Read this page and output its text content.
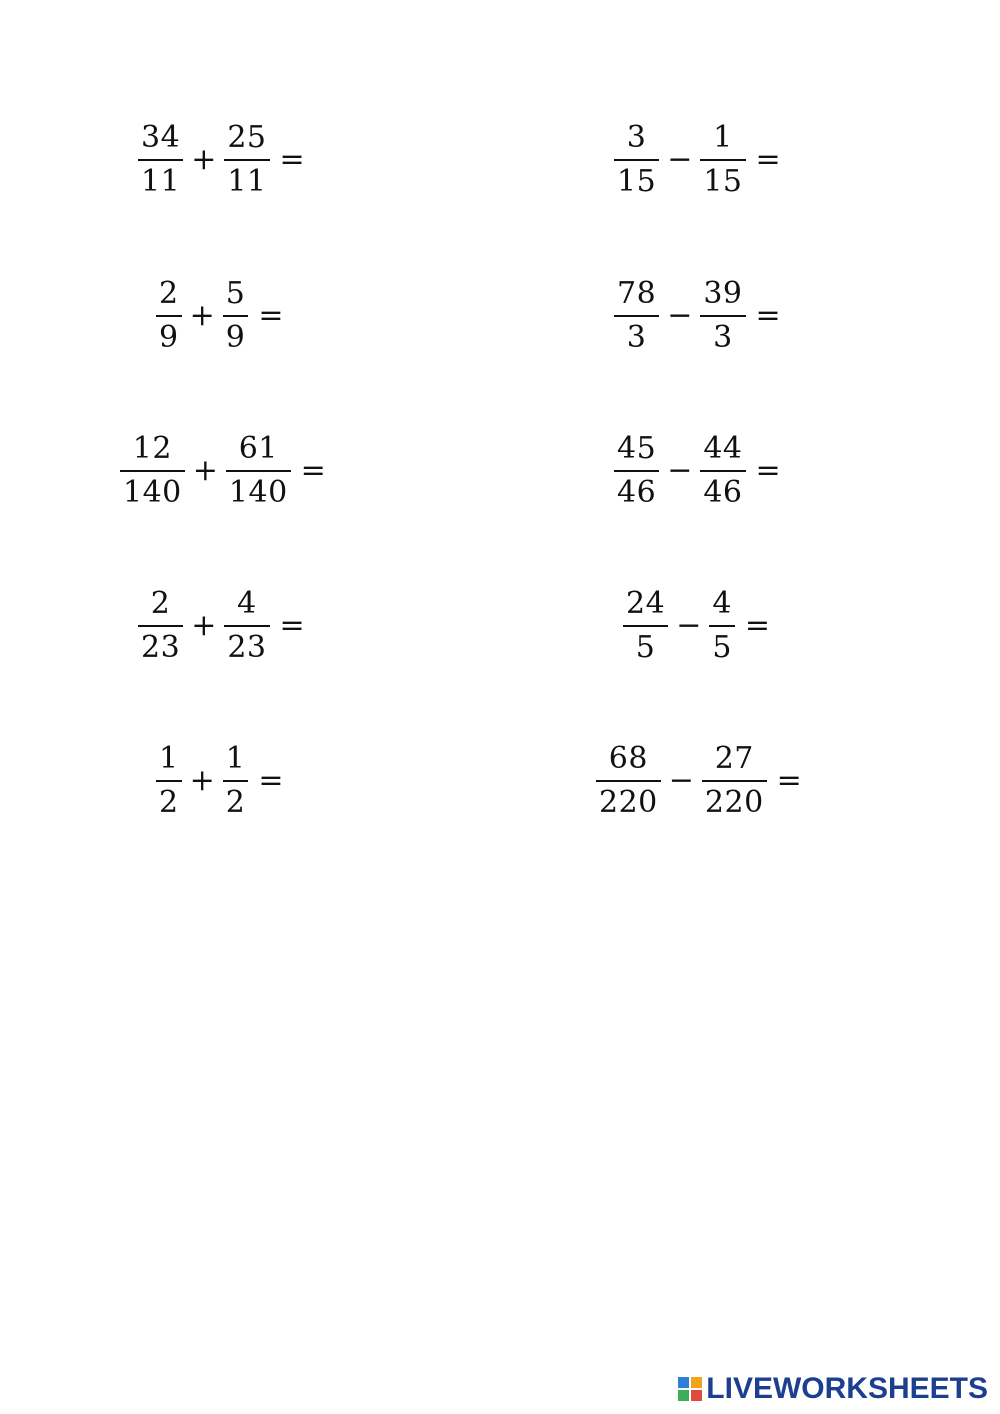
$\frac{34}{11} + \frac{25}{11}$ =
$\frac{2}{9} + \frac{5}{9}$ =
$\frac{12}{140} + \frac{61}{140}$ =
$\frac{2}{23} + \frac{4}{23}$ =
$\frac{1}{2} + \frac{1}{2}$ =
$\frac{3}{15} - \frac{1}{15}$ =
$\frac{78}{3} - \frac{39}{3}$ =
$\frac{45}{46} - \frac{44}{46}$ =
$\frac{24}{5} - \frac{4}{5}$ =
$\frac{68}{220} - \frac{27}{220}$ =
LIVEWORKSHEETS
